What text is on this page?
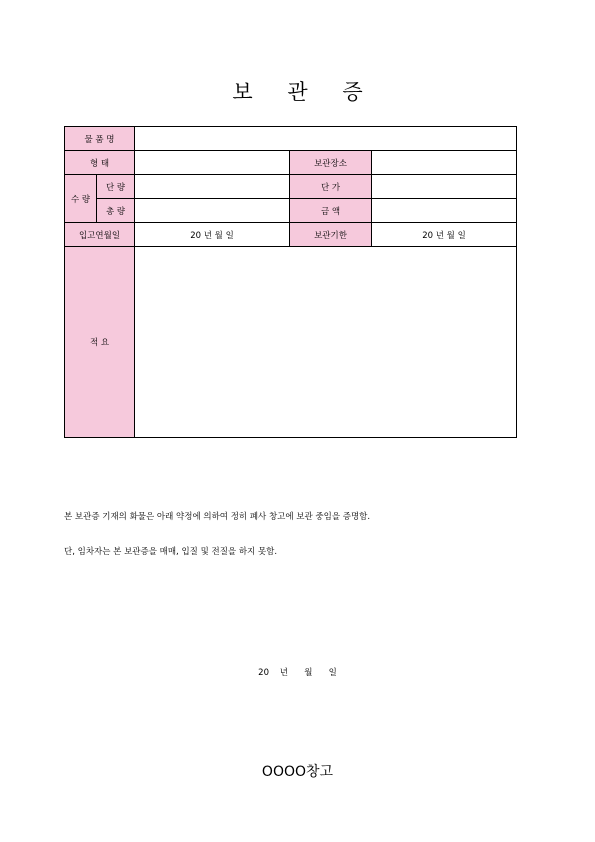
보 관 증
물 품 명				
형 태			보관장소	
수 량	단 량		단 가	
	총 량		금 액	
입고연월일		20 년 월 일	보관기한	20 년 월 일
적 요				
본 보관증 기재의 화물은 아래 약정에 의하여 정히 폐사 창고에 보관 중임을 증명함.
단, 임차자는 본 보관증을 매매, 입질 및 전질을 하지 못함.
20    년      월      일
OOOO창고
